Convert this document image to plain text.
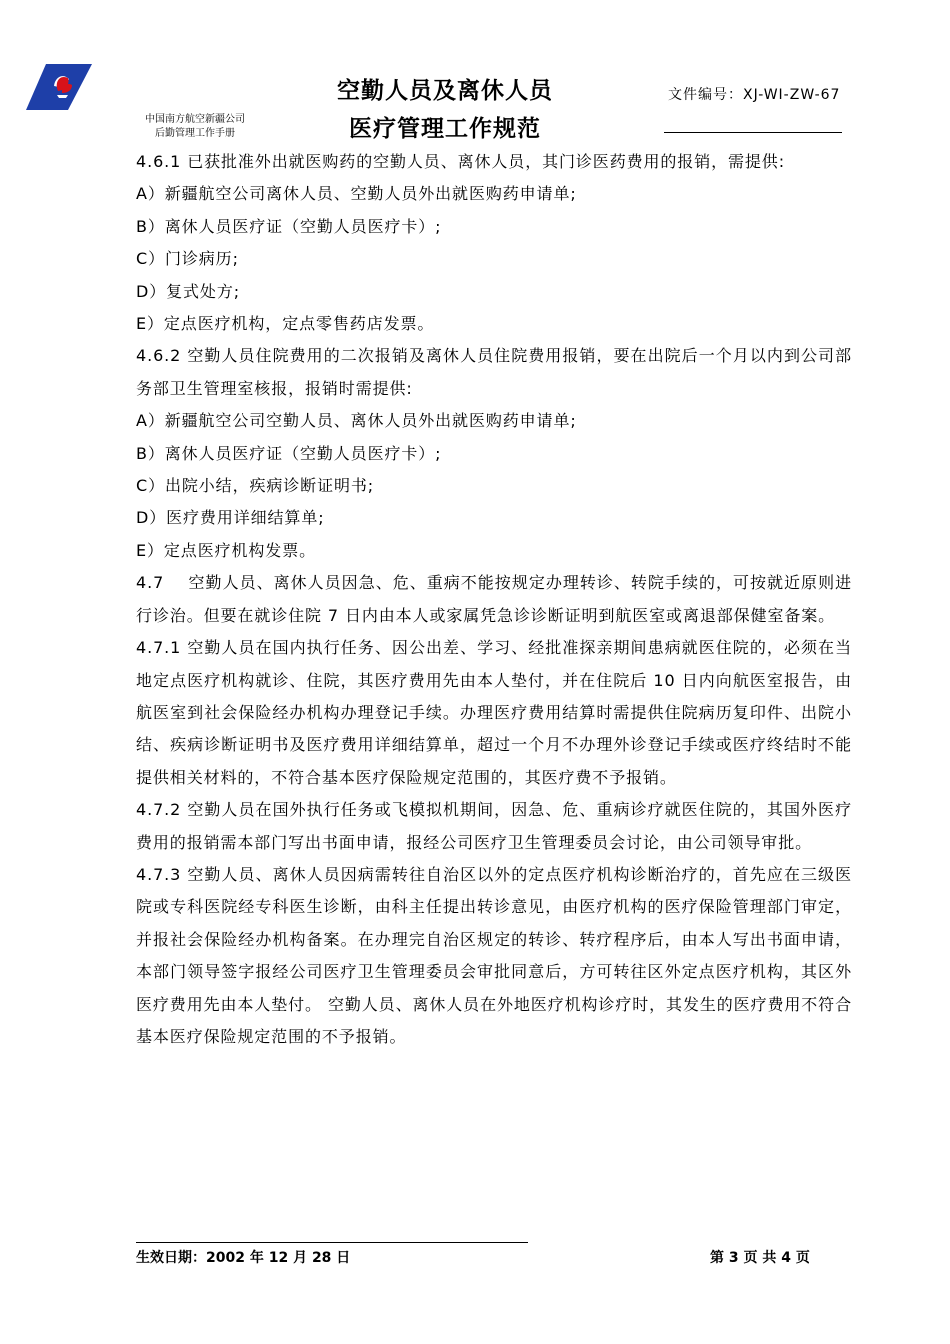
中国南方航空新疆公司
后勤管理工作手册
空勤人员及离休人员
医疗管理工作规范
文件编号：XJ-WI-ZW-67

4.6.1 已获批准外出就医购药的空勤人员、离休人员，其门诊医药费用的报销，需提供:

A）新疆航空公司离休人员、空勤人员外出就医购药申请单;

B）离休人员医疗证（空勤人员医疗卡）;

C）门诊病历;

D）复式处方;

E）定点医疗机构，定点零售药店发票。

4.6.2 空勤人员住院费用的二次报销及离休人员住院费用报销，要在出院后一个月以内到公司部务部卫生管理室核报，报销时需提供:

A）新疆航空公司空勤人员、离休人员外出就医购药申请单;

B）离休人员医疗证（空勤人员医疗卡）;

C）出院小结，疾病诊断证明书;

D）医疗费用详细结算单;

E）定点医疗机构发票。

4.7    空勤人员、离休人员因急、危、重病不能按规定办理转诊、转院手续的，可按就近原则进行诊治。但要在就诊住院 7 日内由本人或家属凭急诊诊断证明到航医室或离退部保健室备案。

4.7.1 空勤人员在国内执行任务、因公出差、学习、经批准探亲期间患病就医住院的，必须在当地定点医疗机构就诊、住院，其医疗费用先由本人垫付，并在住院后 10 日内向航医室报告，由航医室到社会保险经办机构办理登记手续。办理医疗费用结算时需提供住院病历复印件、出院小结、疾病诊断证明书及医疗费用详细结算单，超过一个月不办理外诊登记手续或医疗终结时不能提供相关材料的，不符合基本医疗保险规定范围的，其医疗费不予报销。

4.7.2 空勤人员在国外执行任务或飞模拟机期间，因急、危、重病诊疗就医住院的，其国外医疗费用的报销需本部门写出书面申请，报经公司医疗卫生管理委员会讨论，由公司领导审批。

4.7.3 空勤人员、离休人员因病需转往自治区以外的定点医疗机构诊断治疗的，首先应在三级医院或专科医院经专科医生诊断，由科主任提出转诊意见，由医疗机构的医疗保险管理部门审定，并报社会保险经办机构备案。在办理完自治区规定的转诊、转疗程序后，由本人写出书面申请，本部门领导签字报经公司医疗卫生管理委员会审批同意后，方可转往区外定点医疗机构，其区外医疗费用先由本人垫付。 空勤人员、离休人员在外地医疗机构诊疗时，其发生的医疗费用不符合基本医疗保险规定范围的不予报销。

生效日期：2002 年 12 月 28 日	第 3 页 共 4 页
